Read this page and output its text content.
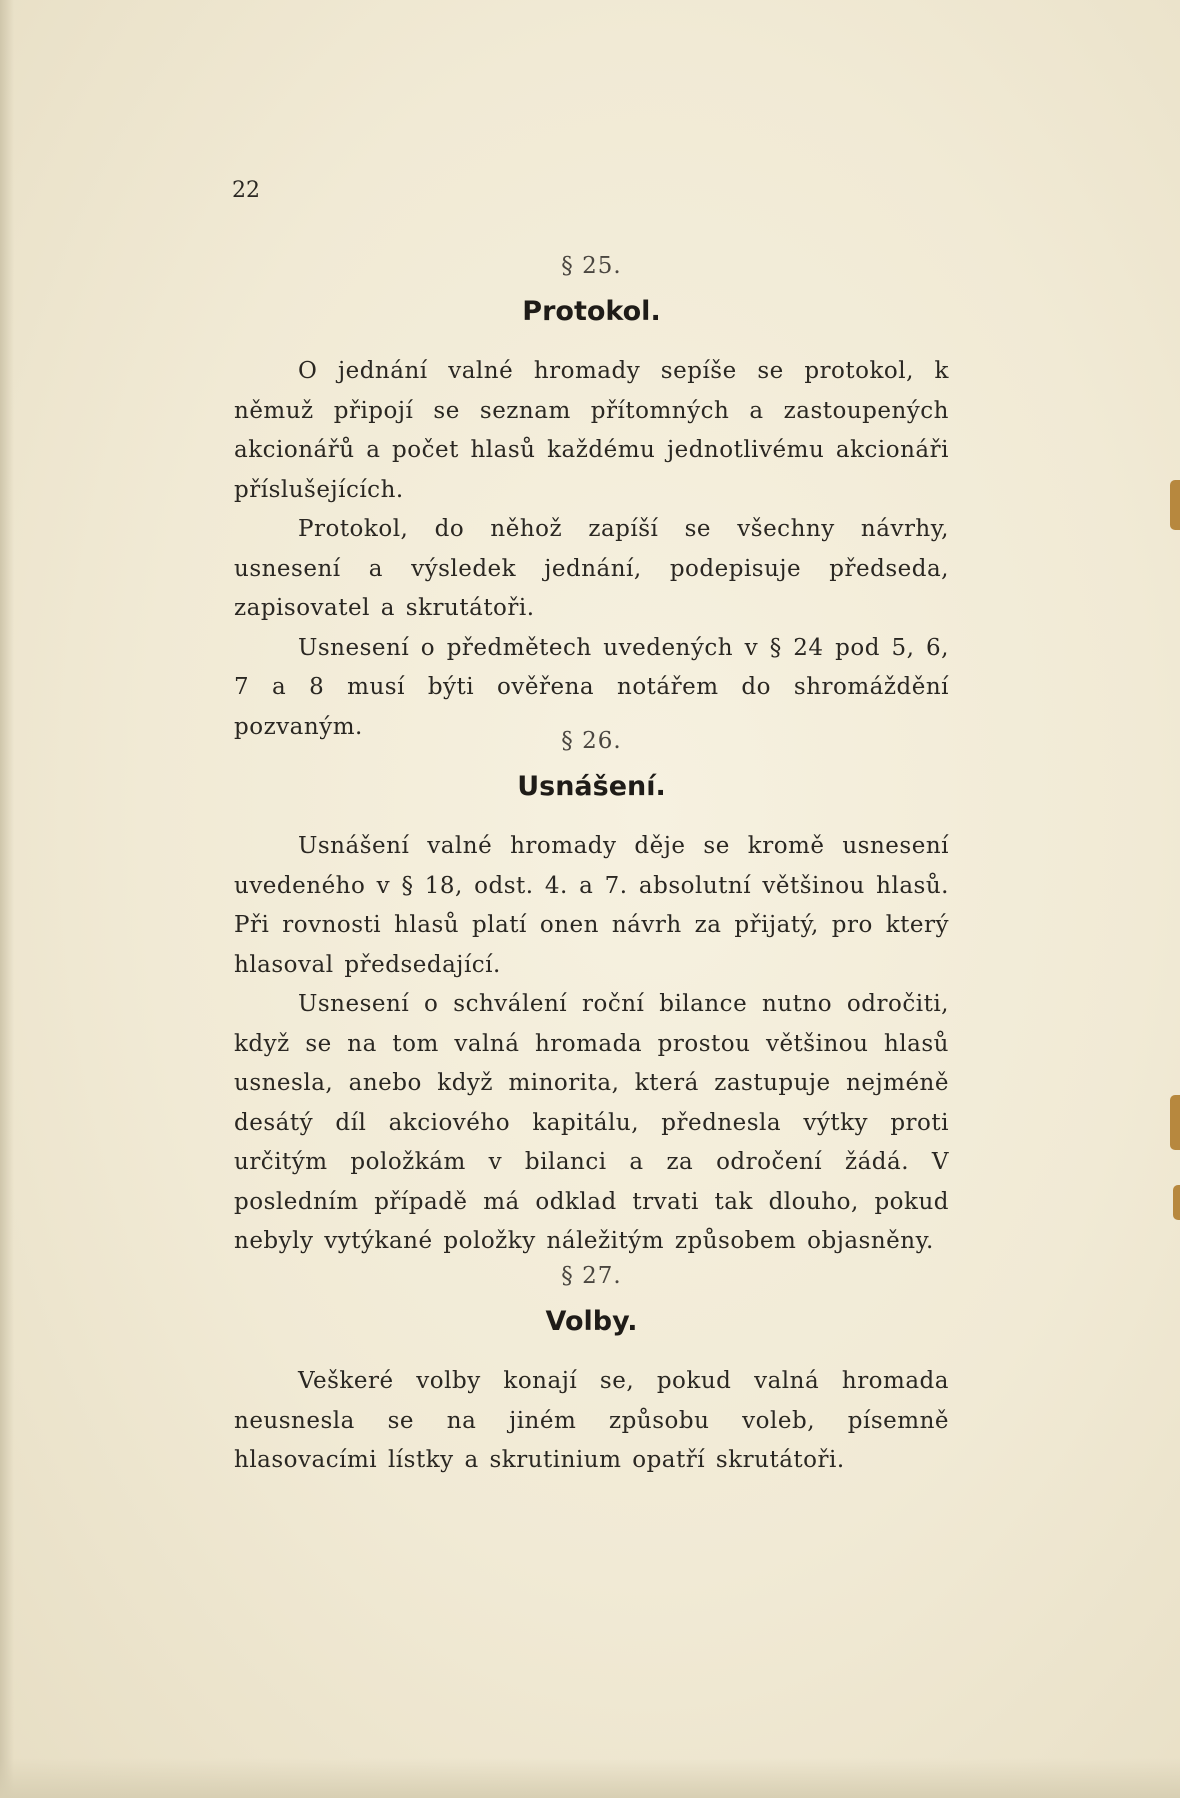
22
§ 25.
Protokol.

O jednání valné hromady sepíše se protokol, k němuž připojí se seznam přítomných a zastoupených akcionářů a počet hlasů každému jednotlivému akcionáři příslušejících.

Protokol, do něhož zapíší se všechny návrhy, usnesení a výsledek jednání, podepisuje předseda, zapisovatel a skrutátoři.

Usnesení o předmětech uvedených v § 24 pod 5, 6, 7 a 8 musí býti ověřena notářem do shromáždění pozvaným.

§ 26.
Usnášení.

Usnášení valné hromady děje se kromě usnesení uvedeného v § 18, odst. 4. a 7. absolutní většinou hlasů. Při rovnosti hlasů platí onen návrh za přijatý, pro který hlasoval předsedající.

Usnesení o schválení roční bilance nutno odročiti, když se na tom valná hromada prostou většinou hlasů usnesla, anebo když minorita, která zastupuje nejméně desátý díl akciového kapitálu, přednesla výtky proti určitým položkám v bilanci a za odročení žádá. V posledním případě má odklad trvati tak dlouho, pokud nebyly vytýkané položky náležitým způsobem objasněny.

§ 27.
Volby.

Veškeré volby konají se, pokud valná hromada neusnesla se na jiném způsobu voleb, písemně hlasovacími lístky a skrutinium opatří skrutátoři.
